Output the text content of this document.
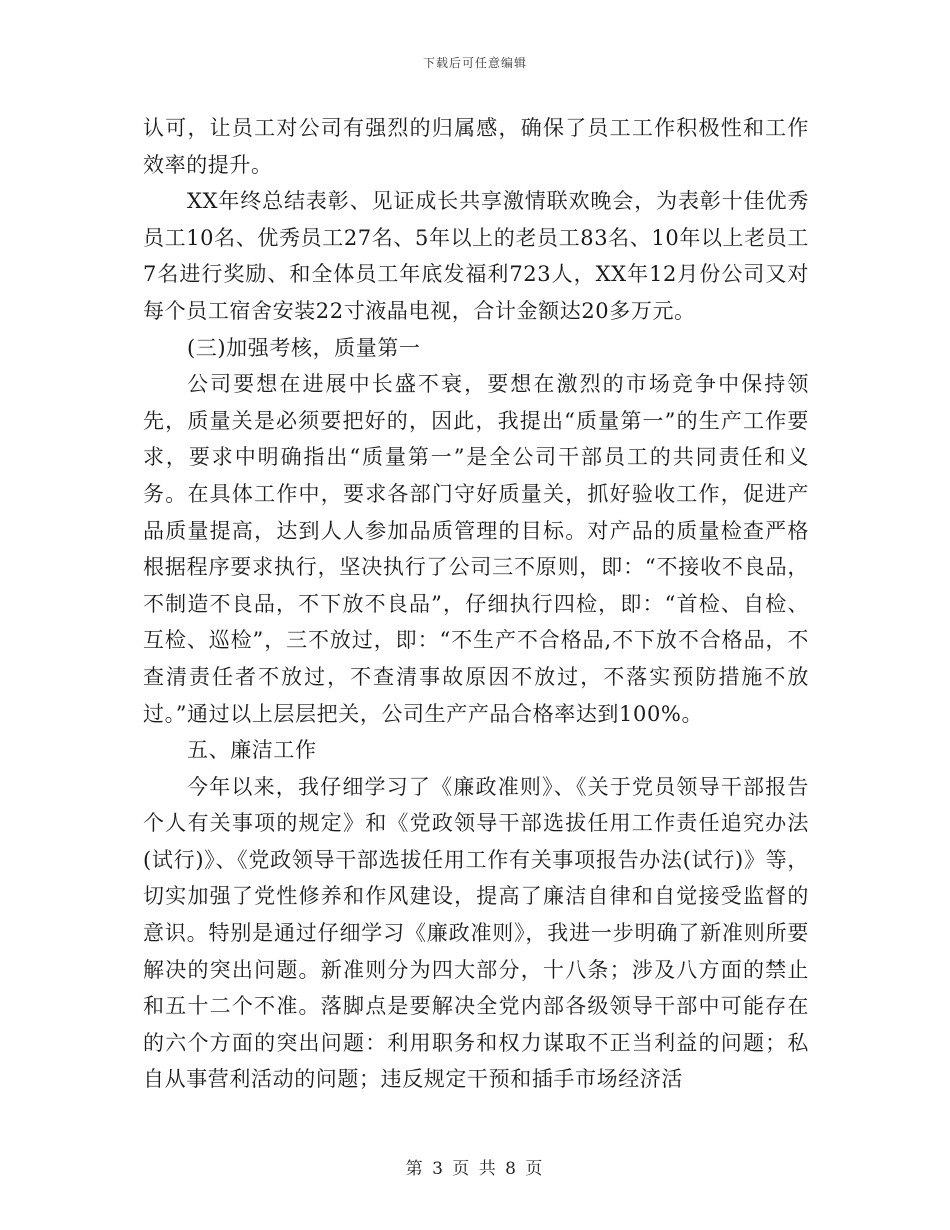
下载后可任意编辑

认可，让员工对公司有强烈的归属感，确保了员工工作积极性和工作效率的提升。

XX年终总结表彰、见证成长共享激情联欢晚会，为表彰十佳优秀员工10名、优秀员工27名、5年以上的老员工83名、10年以上老员工7名进行奖励、和全体员工年底发福利723人，XX年12月份公司又对每个员工宿舍安装22寸液晶电视，合计金额达20多万元。

(三)加强考核，质量第一

公司要想在进展中长盛不衰，要想在激烈的市场竞争中保持领先，质量关是必须要把好的，因此，我提出“质量第一”的生产工作要求，要求中明确指出“质量第一”是全公司干部员工的共同责任和义务。在具体工作中，要求各部门守好质量关，抓好验收工作，促进产品质量提高，达到人人参加品质管理的目标。对产品的质量检查严格根据程序要求执行，坚决执行了公司三不原则，即：“不接收不良品，不制造不良品，不下放不良品”，仔细执行四检，即：“首检、自检、互检、巡检”，三不放过，即：“不生产不合格品,不下放不合格品，不查清责任者不放过，不查清事故原因不放过，不落实预防措施不放过。”通过以上层层把关，公司生产产品合格率达到100%。

五、廉洁工作

今年以来，我仔细学习了《廉政准则》、《关于党员领导干部报告个人有关事项的规定》和《党政领导干部选拔任用工作责任追究办法(试行)》、《党政领导干部选拔任用工作有关事项报告办法(试行)》等，切实加强了党性修养和作风建设，提高了廉洁自律和自觉接受监督的意识。特别是通过仔细学习《廉政准则》，我进一步明确了新准则所要解决的突出问题。新准则分为四大部分，十八条；涉及八方面的禁止和五十二个不准。落脚点是要解决全党内部各级领导干部中可能存在的六个方面的突出问题：利用职务和权力谋取不正当利益的问题；私自从事营利活动的问题；违反规定干预和插手市场经济活

第 3 页 共 8 页
